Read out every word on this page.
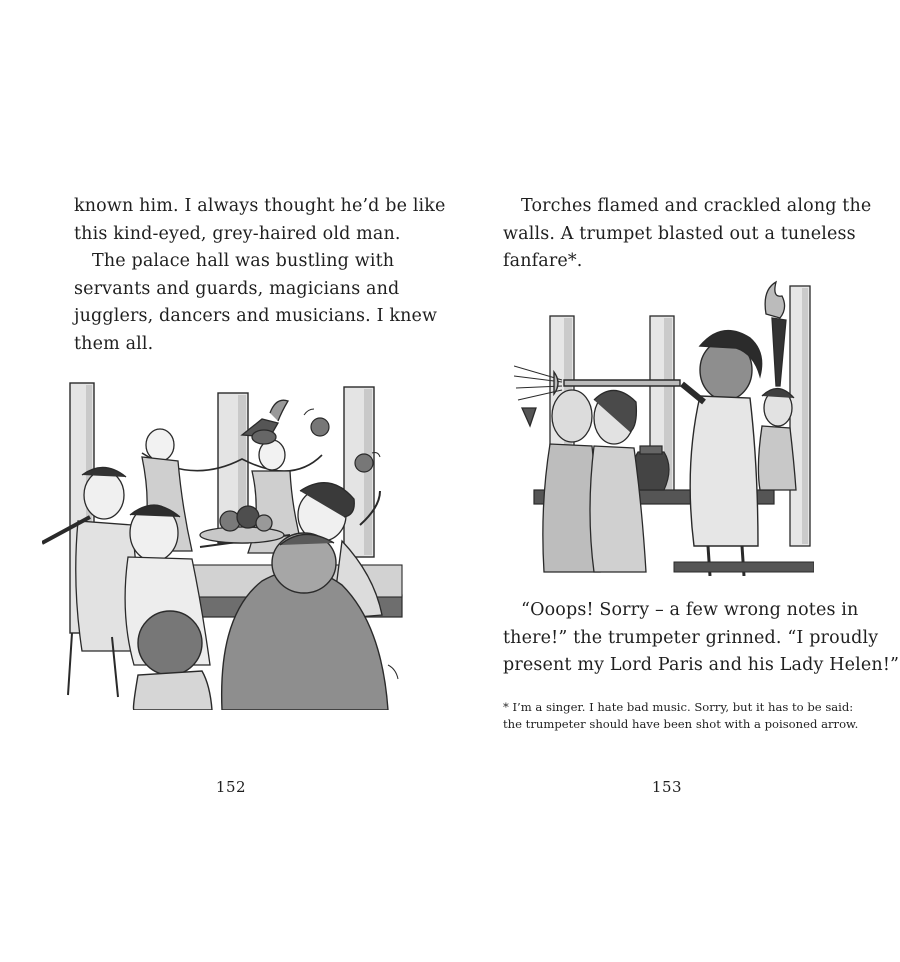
known him. I always thought he’d be like
this kind-eyed, grey-haired old man.

The palace hall was bustling with
servants and guards, magicians and
jugglers, dancers and musicians. I knew
them all.

152

Torches flamed and crackled along the
walls. A trumpet blasted out a tuneless
fanfare*.

“Ooops! Sorry – a few wrong notes in
there!” the trumpeter grinned. “I proudly
present my Lord Paris and his Lady Helen!”

* I’m a singer. I hate bad music. Sorry, but it has to be said:
the trumpeter should have been shot with a poisoned arrow.

153
